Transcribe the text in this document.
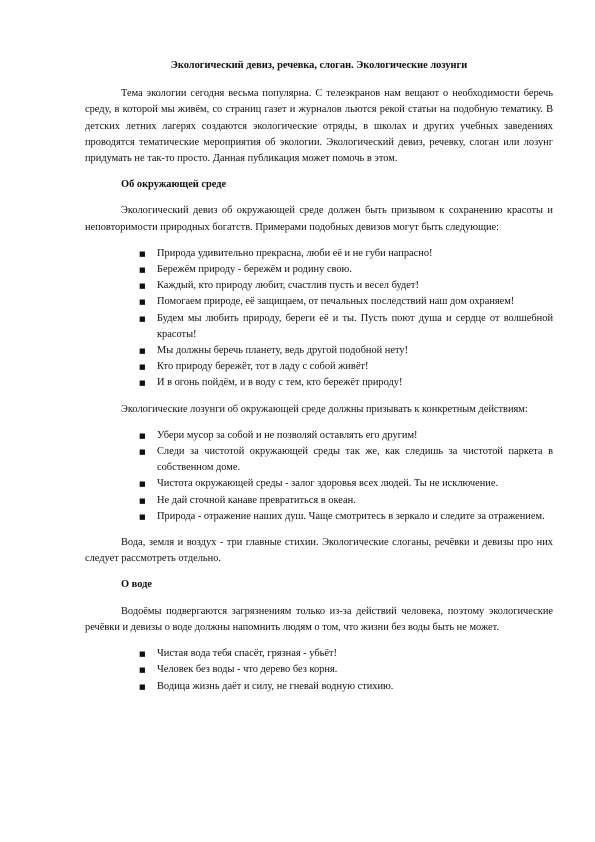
Экологический девиз, речевка, слоган. Экологические лозунги

Тема экологии сегодня весьма популярна. С телеэкранов нам вещают о необходимости беречь среду, в которой мы живём, со страниц газет и журналов льются рекой статьи на подобную тематику. В детских летних лагерях создаются экологические отряды, в школах и других учебных заведениях проводятся тематические мероприятия об экологии. Экологический девиз, речевку, слоган или лозунг придумать не так-то просто. Данная публикация может помочь в этом.

Об окружающей среде

Экологический девиз об окружающей среде должен быть призывом к сохранению красоты и неповторимости природных богатств. Примерами подобных девизов могут быть следующие:

■ Природа удивительно прекрасна, люби её и не губи напрасно!
■ Бережём природу - бережём и родину свою.
■ Каждый, кто природу любит, счастлив пусть и весел будет!
■ Помогаем природе, её защищаем, от печальных последствий наш дом охраняем!
■ Будем мы любить природу, береги её и ты. Пусть поют душа и сердце от волшебной красоты!
■ Мы должны беречь планету, ведь другой подобной нету!
■ Кто природу бережёт, тот в ладу с собой живёт!
■ И в огонь пойдём, и в воду с тем, кто бережёт природу!

Экологические лозунги об окружающей среде должны призывать к конкретным действиям:

■ Убери мусор за собой и не позволяй оставлять его другим!
■ Следи за чистотой окружающей среды так же, как следишь за чистотой паркета в собственном доме.
■ Чистота окружающей среды - залог здоровья всех людей. Ты не исключение.
■ Не дай сточной канаве превратиться в океан.
■ Природа - отражение наших душ. Чаще смотритесь в зеркало и следите за отражением.

Вода, земля и воздух - три главные стихии. Экологические слоганы, речёвки и девизы про них следует рассмотреть отдельно.

О воде

Водоёмы подвергаются загрязнениям только из-за действий человека, поэтому экологические речёвки и девизы о воде должны напомнить людям о том, что жизни без воды быть не может.

■ Чистая вода тебя спасёт, грязная - убьёт!
■ Человек без воды - что дерево без корня.
■ Водица жизнь даёт и силу, не гневай водную стихию.
